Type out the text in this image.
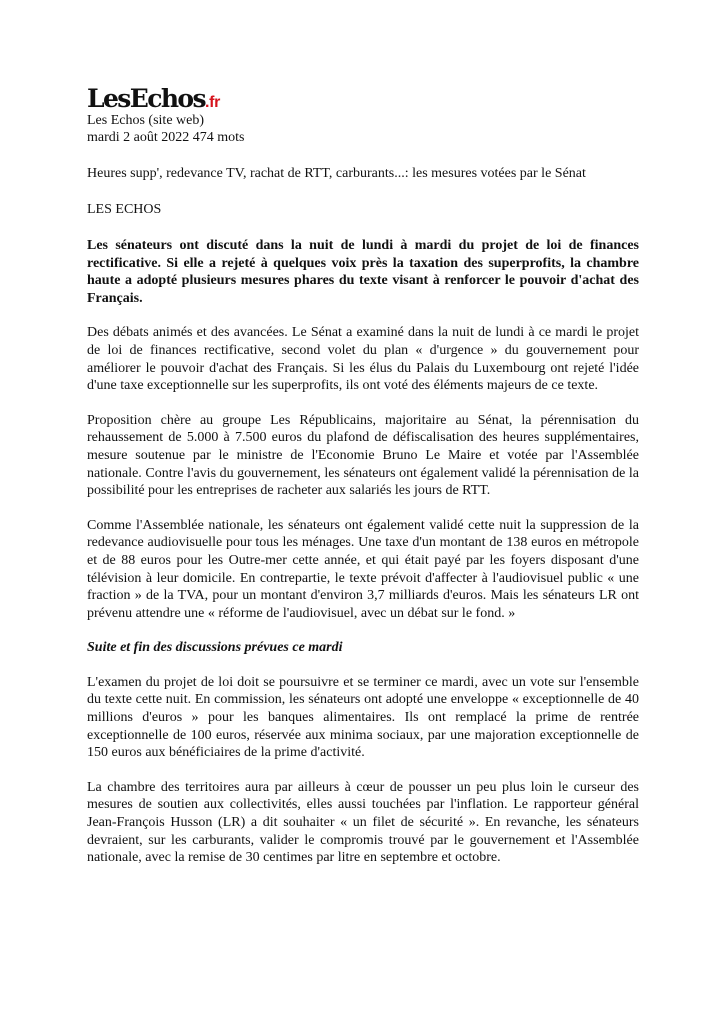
LesEchos.fr
Les Echos (site web)
mardi 2 août 2022 474 mots
Heures supp', redevance TV, rachat de RTT, carburants...: les mesures votées par le Sénat
LES ECHOS
Les sénateurs ont discuté dans la nuit de lundi à mardi du projet de loi de finances rectificative. Si elle a rejeté à quelques voix près la taxation des superprofits, la chambre haute a adopté plusieurs mesures phares du texte visant à renforcer le pouvoir d'achat des Français.
Des débats animés et des avancées. Le Sénat a examiné dans la nuit de lundi à ce mardi le projet de loi de finances rectificative, second volet du plan « d'urgence » du gouvernement pour améliorer le pouvoir d'achat des Français. Si les élus du Palais du Luxembourg ont rejeté l'idée d'une taxe exceptionnelle sur les superprofits, ils ont voté des éléments majeurs de ce texte.
Proposition chère au groupe Les Républicains, majoritaire au Sénat, la pérennisation du rehaussement de 5.000 à 7.500 euros du plafond de défiscalisation des heures supplémentaires, mesure soutenue par le ministre de l'Economie Bruno Le Maire et votée par l'Assemblée nationale. Contre l'avis du gouvernement, les sénateurs ont également validé la pérennisation de la possibilité pour les entreprises de racheter aux salariés les jours de RTT.
Comme l'Assemblée nationale, les sénateurs ont également validé cette nuit la suppression de la redevance audiovisuelle pour tous les ménages. Une taxe d'un montant de 138 euros en métropole et de 88 euros pour les Outre-mer cette année, et qui était payé par les foyers disposant d'une télévision à leur domicile. En contrepartie, le texte prévoit d'affecter à l'audiovisuel public « une fraction » de la TVA, pour un montant d'environ 3,7 milliards d'euros. Mais les sénateurs LR ont prévenu attendre une « réforme de l'audiovisuel, avec un débat sur le fond. »
Suite et fin des discussions prévues ce mardi
L'examen du projet de loi doit se poursuivre et se terminer ce mardi, avec un vote sur l'ensemble du texte cette nuit. En commission, les sénateurs ont adopté une enveloppe « exceptionnelle de 40 millions d'euros » pour les banques alimentaires. Ils ont remplacé la prime de rentrée exceptionnelle de 100 euros, réservée aux minima sociaux, par une majoration exceptionnelle de 150 euros aux bénéficiaires de la prime d'activité.
La chambre des territoires aura par ailleurs à cœur de pousser un peu plus loin le curseur des mesures de soutien aux collectivités, elles aussi touchées par l'inflation. Le rapporteur général Jean-François Husson (LR) a dit souhaiter « un filet de sécurité ». En revanche, les sénateurs devraient, sur les carburants, valider le compromis trouvé par le gouvernement et l'Assemblée nationale, avec la remise de 30 centimes par litre en septembre et octobre.
